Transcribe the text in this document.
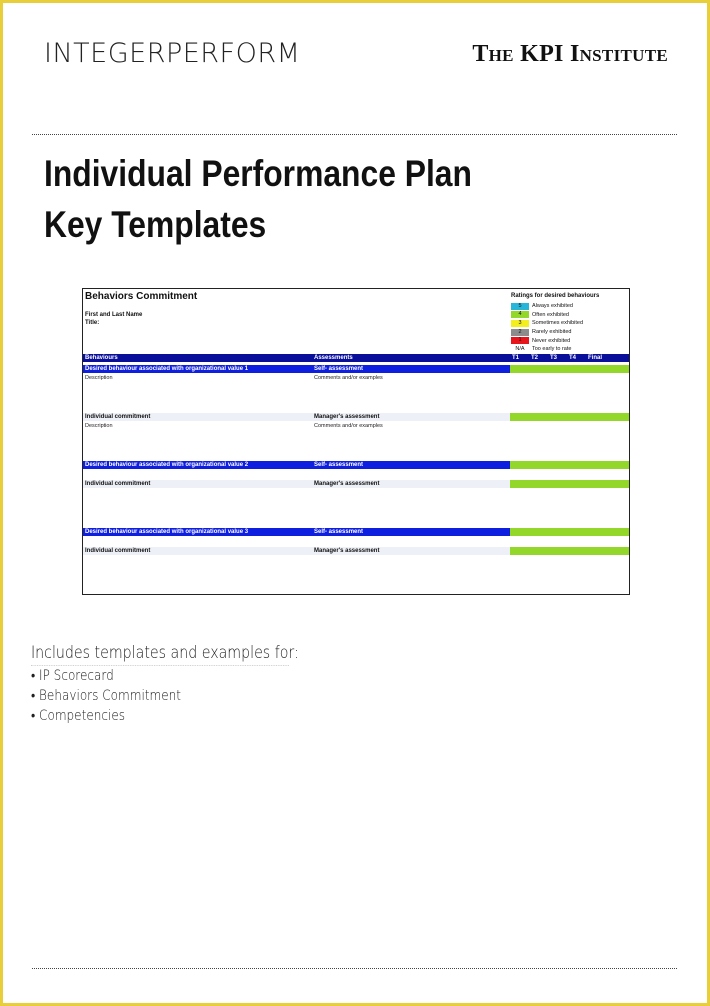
INTEGERPERFORM	The KPI Institute
Individual Performance Plan
Key Templates
Behaviors Commitment
First and Last Name
Title:
Ratings for desired behaviours
5	Always exhibited
4	Often exhibited
3	Sometimes exhibited
2	Rarely exhibited
1	Never exhibited
N/A	Too early to rate
Behaviours	Assessments	T1 T2 T3 T4 Final
Desired behaviour associated with organizational value 1	Self- assessment
Description	Comments and/or examples
Individual commitment	Manager's assessment
Description	Comments and/or examples
Desired behaviour associated with organizational value 2	Self- assessment
Individual commitment	Manager's assessment
Desired behaviour associated with organizational value 3	Self- assessment
Individual commitment	Manager's assessment
Includes templates and examples for:
• IP Scorecard
• Behaviors Commitment
• Competencies
